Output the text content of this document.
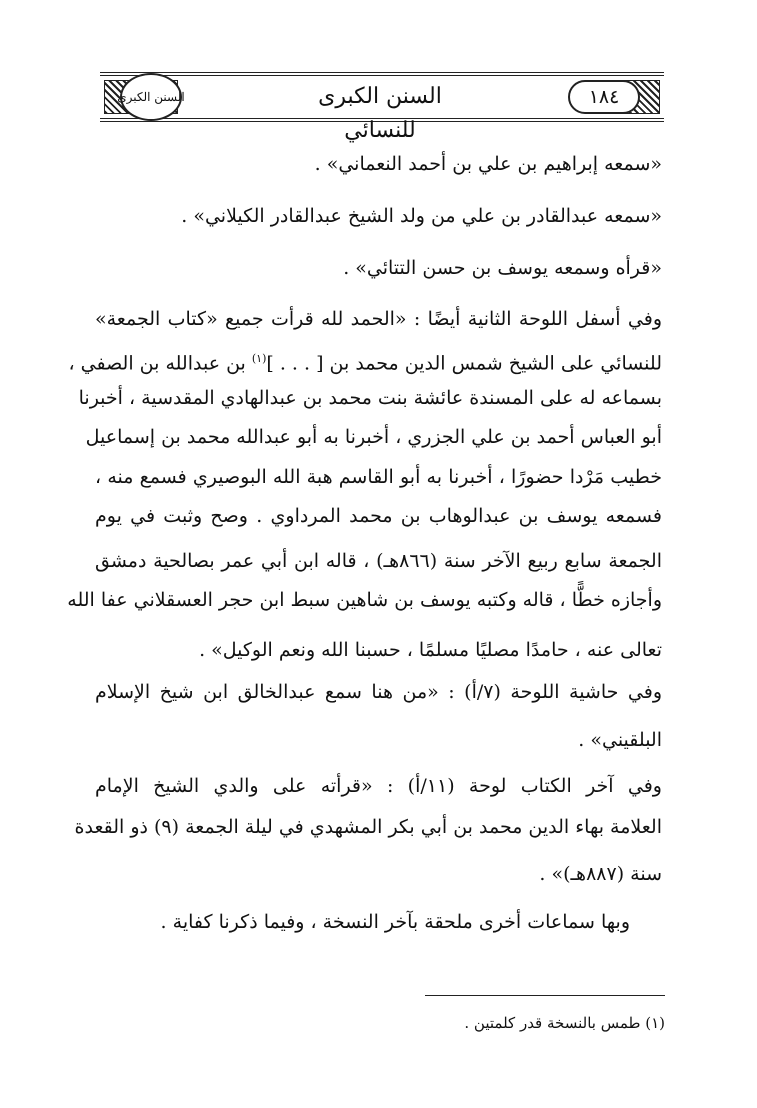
السنن الكبرى	السنن الكبرى للنسائي
١٨٤
«سمعه إبراهيم بن علي بن أحمد النعماني» .
«سمعه عبدالقادر بن علي من ولد الشيخ عبدالقادر الكيلاني» .
«قرأه وسمعه يوسف بن حسن التتائي» .
وفي أسفل اللوحة الثانية أيضًا : «الحمد لله قرأت جميع «كتاب الجمعة»
للنسائي على الشيخ شمس الدين محمد بن [ . . . ]$^{(١)}$ بن عبدالله بن الصفي ،
بسماعه له على المسندة عائشة بنت محمد بن عبدالهادي المقدسية ، أخبرنا
أبو العباس أحمد بن علي الجزري ، أخبرنا به أبو عبدالله محمد بن إسماعيل
خطيب مَرْدا حضورًا ، أخبرنا به أبو القاسم هبة الله البوصيري فسمع منه ،
فسمعه يوسف بن عبدالوهاب بن محمد المرداوي . وصح وثبت في يوم
الجمعة سابع ربيع الآخر سنة (٨٦٦هـ) ، قاله ابن أبي عمر بصالحية دمشق
وأجازه خطًّا ، قاله وكتبه يوسف بن شاهين سبط ابن حجر العسقلاني عفا الله
تعالى عنه ، حامدًا مصليًا مسلمًا ، حسبنا الله ونعم الوكيل» .
وفي حاشية اللوحة (٧/أ) : «من هنا سمع عبدالخالق ابن شيخ الإسلام
البلقيني» .
وفي آخر الكتاب لوحة (١١/أ) : «قرأته على والدي الشيخ الإمام
العلامة بهاء الدين محمد بن أبي بكر المشهدي في ليلة الجمعة (٩) ذو القعدة
سنة (٨٨٧هـ)» .
وبها سماعات أخرى ملحقة بآخر النسخة ، وفيما ذكرنا كفاية .
(١) طمس بالنسخة قدر كلمتين .
